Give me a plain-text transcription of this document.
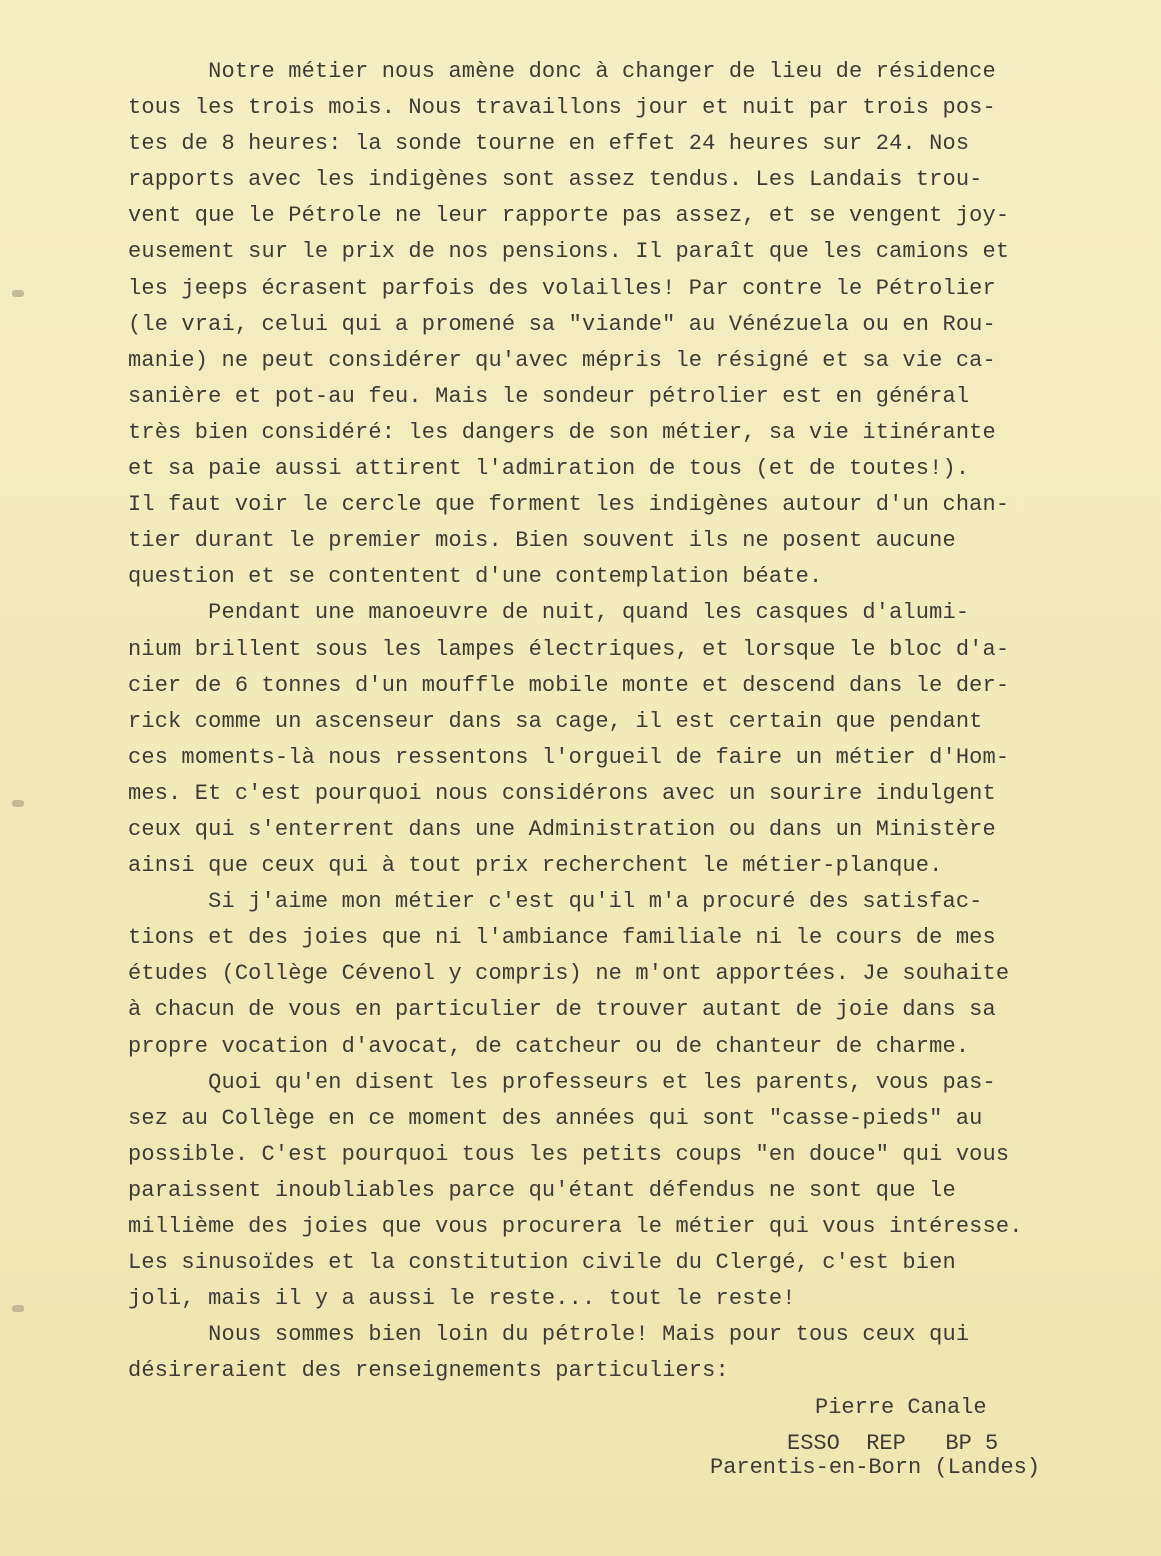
Notre métier nous amène donc à changer de lieu de résidence
tous les trois mois. Nous travaillons jour et nuit par trois pos-
tes de 8 heures: la sonde tourne en effet 24 heures sur 24. Nos
rapports avec les indigènes sont assez tendus. Les Landais trou-
vent que le Pétrole ne leur rapporte pas assez, et se vengent joy-
eusement sur le prix de nos pensions. Il paraît que les camions et
les jeeps écrasent parfois des volailles! Par contre le Pétrolier
(le vrai, celui qui a promené sa "viande" au Vénézuela ou en Rou-
manie) ne peut considérer qu'avec mépris le résigné et sa vie ca-
sanière et pot-au feu. Mais le sondeur pétrolier est en général
très bien considéré: les dangers de son métier, sa vie itinérante
et sa paie aussi attirent l'admiration de tous (et de toutes!).
Il faut voir le cercle que forment les indigènes autour d'un chan-
tier durant le premier mois. Bien souvent ils ne posent aucune
question et se contentent d'une contemplation béate.
Pendant une manoeuvre de nuit, quand les casques d'alumi-
nium brillent sous les lampes électriques, et lorsque le bloc d'a-
cier de 6 tonnes d'un mouffle mobile monte et descend dans le der-
rick comme un ascenseur dans sa cage, il est certain que pendant
ces moments-là nous ressentons l'orgueil de faire un métier d'Hom-
mes. Et c'est pourquoi nous considérons avec un sourire indulgent
ceux qui s'enterrent dans une Administration ou dans un Ministère
ainsi que ceux qui à tout prix recherchent le métier-planque.
Si j'aime mon métier c'est qu'il m'a procuré des satisfac-
tions et des joies que ni l'ambiance familiale ni le cours de mes
études (Collège Cévenol y compris) ne m'ont apportées. Je souhaite
à chacun de vous en particulier de trouver autant de joie dans sa
propre vocation d'avocat, de catcheur ou de chanteur de charme.
Quoi qu'en disent les professeurs et les parents, vous pas-
sez au Collège en ce moment des années qui sont "casse-pieds" au
possible. C'est pourquoi tous les petits coups "en douce" qui vous
paraissent inoubliables parce qu'étant défendus ne sont que le
millième des joies que vous procurera le métier qui vous intéresse.
Les sinusoïdes et la constitution civile du Clergé, c'est bien
joli, mais il y a aussi le reste... tout le reste!
Nous sommes bien loin du pétrole! Mais pour tous ceux qui
désireraient des renseignements particuliers:
Pierre Canale
ESSO  REP   BP 5
Parentis-en-Born (Landes)
